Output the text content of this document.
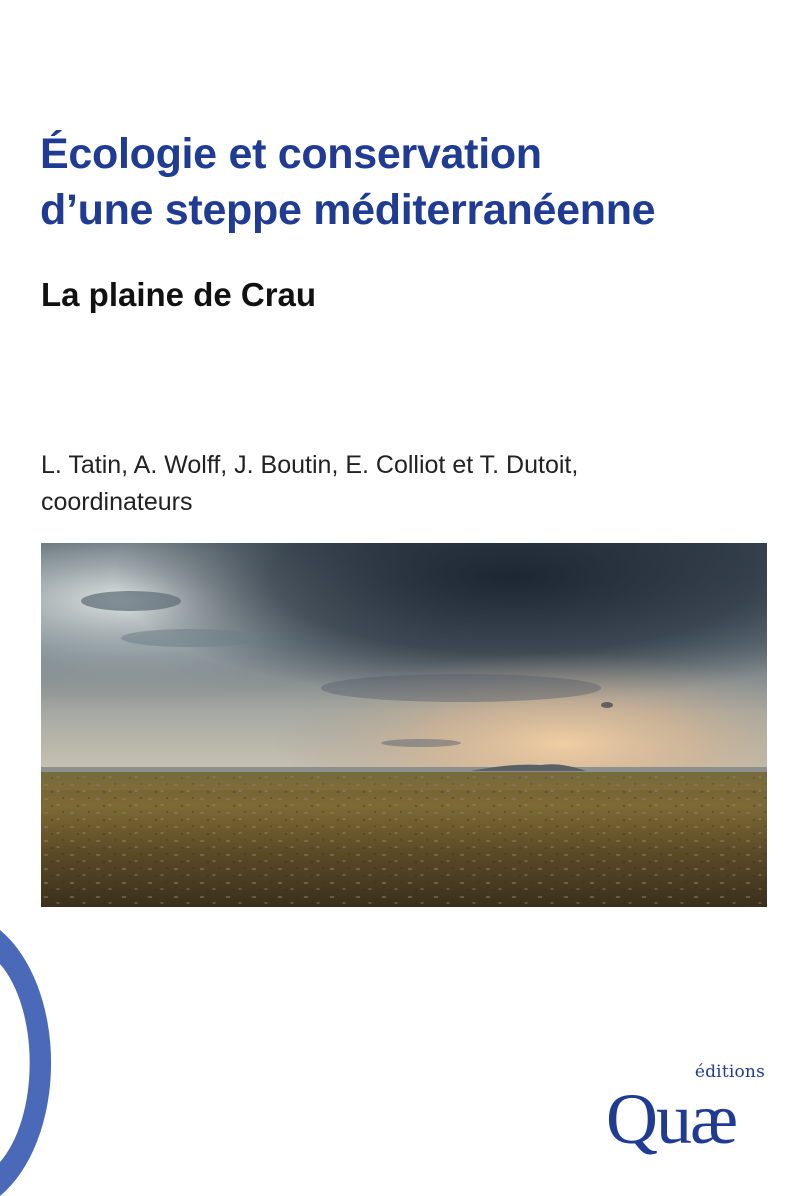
Écologie et conservation
d’une steppe méditerranéenne
La plaine de Crau
L. Tatin, A. Wolff, J. Boutin, E. Colliot et T. Dutoit,
coordinateurs
éditions
Quæ
